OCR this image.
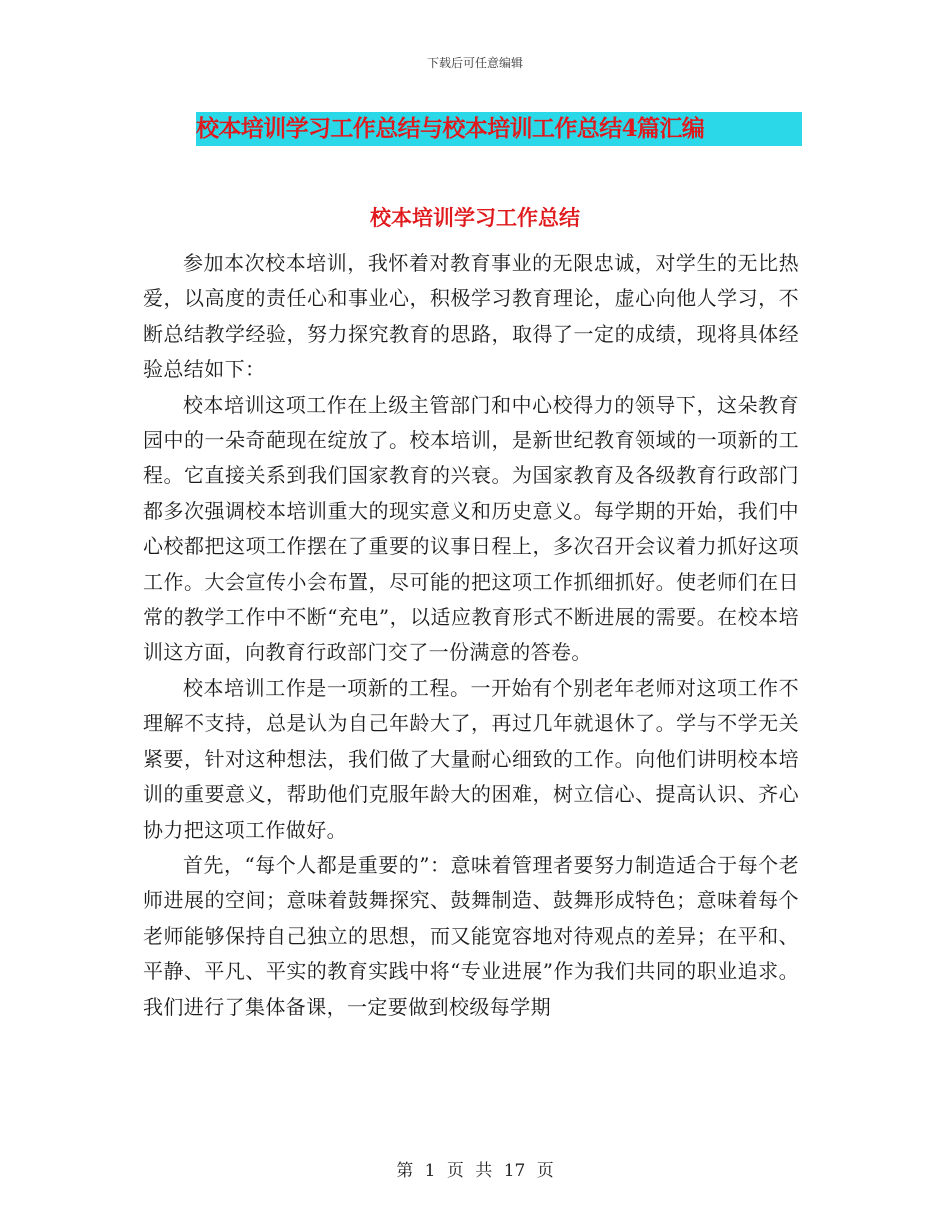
下载后可任意编辑
校本培训学习工作总结与校本培训工作总结4篇汇编
校本培训学习工作总结

参加本次校本培训，我怀着对教育事业的无限忠诚，对学生的无比热爱，以高度的责任心和事业心，积极学习教育理论，虚心向他人学习，不断总结教学经验，努力探究教育的思路，取得了一定的成绩，现将具体经验总结如下：

校本培训这项工作在上级主管部门和中心校得力的领导下，这朵教育园中的一朵奇葩现在绽放了。校本培训，是新世纪教育领域的一项新的工程。它直接关系到我们国家教育的兴衰。为国家教育及各级教育行政部门都多次强调校本培训重大的现实意义和历史意义。每学期的开始，我们中心校都把这项工作摆在了重要的议事日程上，多次召开会议着力抓好这项工作。大会宣传小会布置，尽可能的把这项工作抓细抓好。使老师们在日常的教学工作中不断“充电”，以适应教育形式不断进展的需要。在校本培训这方面，向教育行政部门交了一份满意的答卷。

校本培训工作是一项新的工程。一开始有个别老年老师对这项工作不理解不支持，总是认为自己年龄大了，再过几年就退休了。学与不学无关紧要，针对这种想法，我们做了大量耐心细致的工作。向他们讲明校本培训的重要意义，帮助他们克服年龄大的困难，树立信心、提高认识、齐心协力把这项工作做好。

首先，“每个人都是重要的”：意味着管理者要努力制造适合于每个老师进展的空间；意味着鼓舞探究、鼓舞制造、鼓舞形成特色；意味着每个老师能够保持自己独立的思想，而又能宽容地对待观点的差异；在平和、平静、平凡、平实的教育实践中将“专业进展”作为我们共同的职业追求。我们进行了集体备课，一定要做到校级每学期

第 1 页 共 17 页
